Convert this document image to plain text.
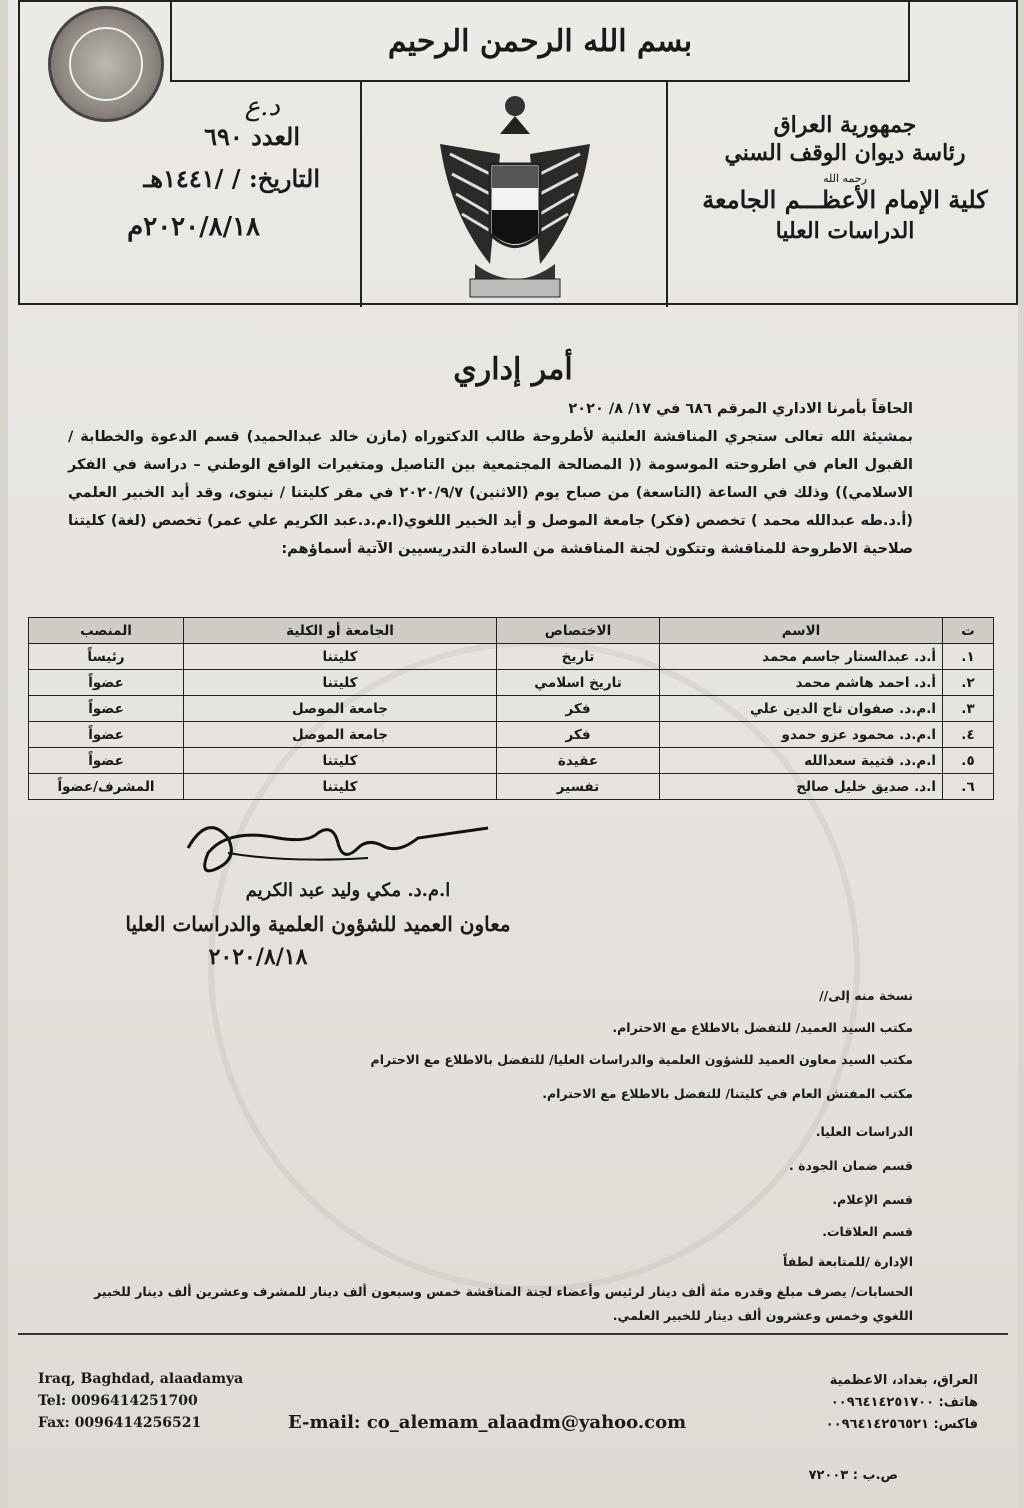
بسم الله الرحمن الرحيم
د.ع
العدد ٦٩٠
التاريخ: / /١٤٤١هـ
٢٠٢٠/٨/١٨م
جمهورية العراق
رئاسة ديوان الوقف السني
رحمه الله
كلية الإمام الأعظـــم الجامعة
الدراسات العليا
أمر إداري

الحاقاً بأمرنا الاداري المرقم ٦٨٦ في ١٧/ ٨/ ٢٠٢٠

بمشيئة الله تعالى ستجري المناقشة العلنية لأطروحة طالب الدكتوراه (مازن خالد عبدالحميد) قسم الدعوة والخطابة / القبول العام في اطروحته الموسومة (( المصالحة المجتمعية بين التاصيل ومتغيرات الواقع الوطني – دراسة في الفكر الاسلامي)) وذلك في الساعة (التاسعة) من صباح يوم (الاثنين) ٢٠٢٠/٩/٧ في مقر كليتنا / نينوى، وقد أيد الخبير العلمي (أ.د.طه عبدالله محمد ) تخصص (فكر) جامعة الموصل و أيد الخبير اللغوي(ا.م.د.عبد الكريم علي عمر) تخصص (لغة) كليتنا صلاحية الاطروحة للمناقشة وتتكون لجنة المناقشة من السادة التدريسيين الآتية أسماؤهم:

ت	الاسم	الاختصاص	الجامعة أو الكلية	المنصب
١.	أ.د. عبدالستار جاسم محمد	تاريخ	كليتنا	رئيساً
٢.	أ.د. احمد هاشم محمد	تاريخ اسلامي	كليتنا	عضواً
٣.	ا.م.د. صفوان تاج الدين علي	فكر	جامعة الموصل	عضواً
٤.	ا.م.د. محمود عزو حمدو	فكر	جامعة الموصل	عضواً
٥.	ا.م.د. قتيبة سعدالله	عقيدة	كليتنا	عضواً
٦.	ا.د. صديق خليل صالح	تفسير	كليتنا	المشرف/عضواً
ا.م.د. مكي وليد عبد الكريم
معاون العميد للشؤون العلمية والدراسات العليا
٢٠٢٠/٨/١٨
نسخة منه إلى//
مكتب السيد العميد/ للتفضل بالاطلاع مع الاحترام.
مكتب السيد معاون العميد للشؤون العلمية والدراسات العليا/ للتفضل بالاطلاع مع الاحترام
مكتب المفتش العام في كليتنا/ للتفضل بالاطلاع مع الاحترام.
الدراسات العليا.
قسم ضمان الجودة .
قسم الإعلام.
قسم العلاقات.
الإدارة /للمتابعة لطفاً
الحسابات/ يصرف مبلغ وقدره مئة ألف دينار لرئيس وأعضاء لجنة المناقشة خمس وسبعون ألف دينار للمشرف وعشرين ألف دينار للخبير اللغوي وخمس وعشرون ألف دينار للخبير العلمي.
Iraq, Baghdad, alaadamya
Tel: 0096414251700
Fax: 0096414256521	E-mail: co_alemam_alaadm@yahoo.com
العراق، بغداد، الاعظمية
هاتف: ٠٠٩٦٤١٤٢٥١٧٠٠
فاكس: ٠٠٩٦٤١٤٢٥٦٥٢١
ص.ب : ٧٢٠٠٣
